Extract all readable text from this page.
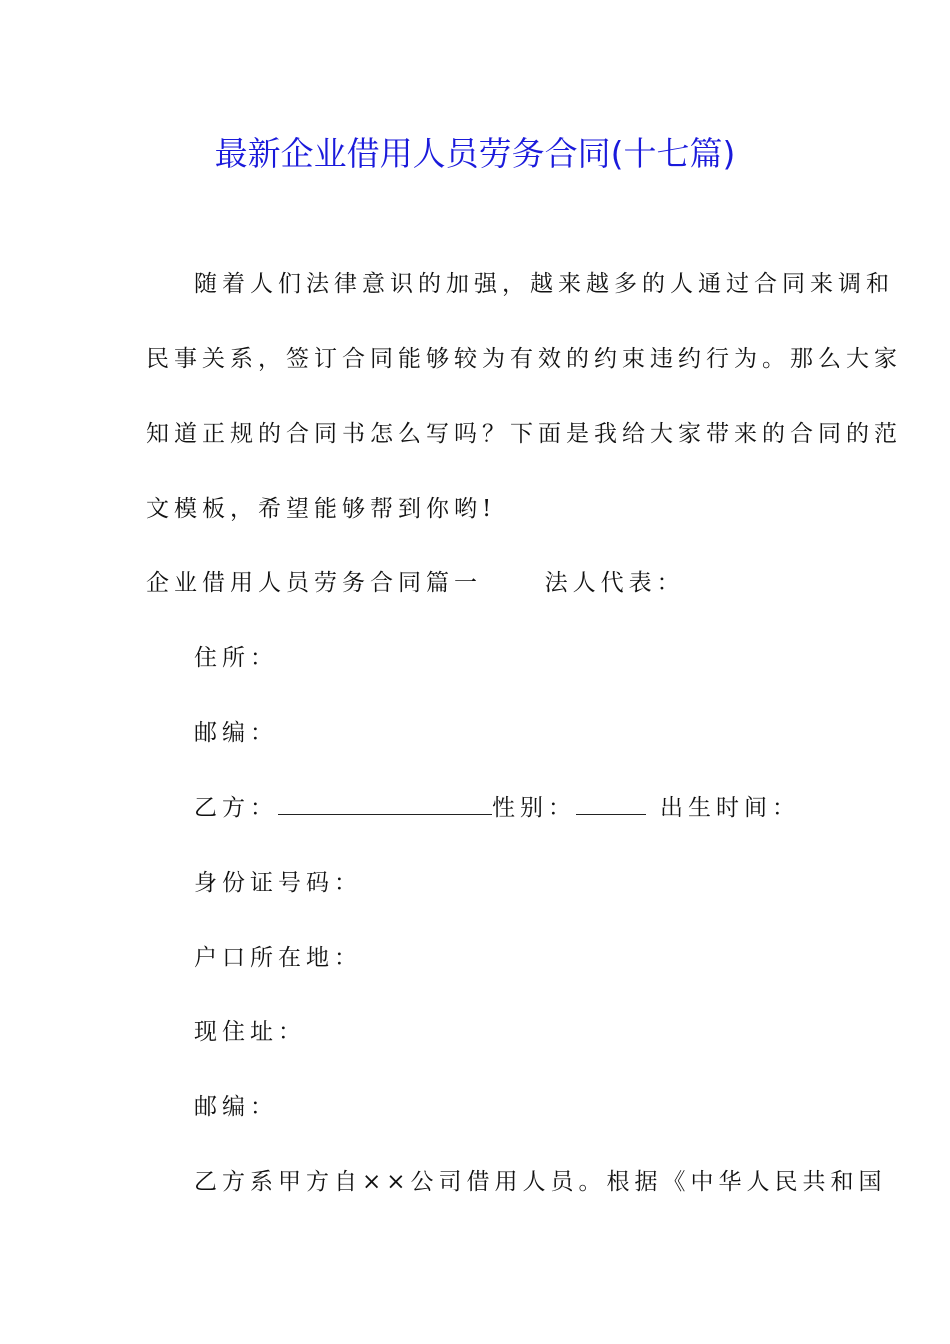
最新企业借用人员劳务合同(十七篇)
随着人们法律意识的加强，越来越多的人通过合同来调和
民事关系，签订合同能够较为有效的约束违约行为。那么大家
知道正规的合同书怎么写吗？下面是我给大家带来的合同的范
文模板，希望能够帮到你哟!
企业借用人员劳务合同篇一	法人代表：
住所：
邮编：
乙方：	性别：	出生时间：
身份证号码：
户口所在地：
现住址：
邮编：
乙方系甲方自××公司借用人员。根据《中华人民共和国
